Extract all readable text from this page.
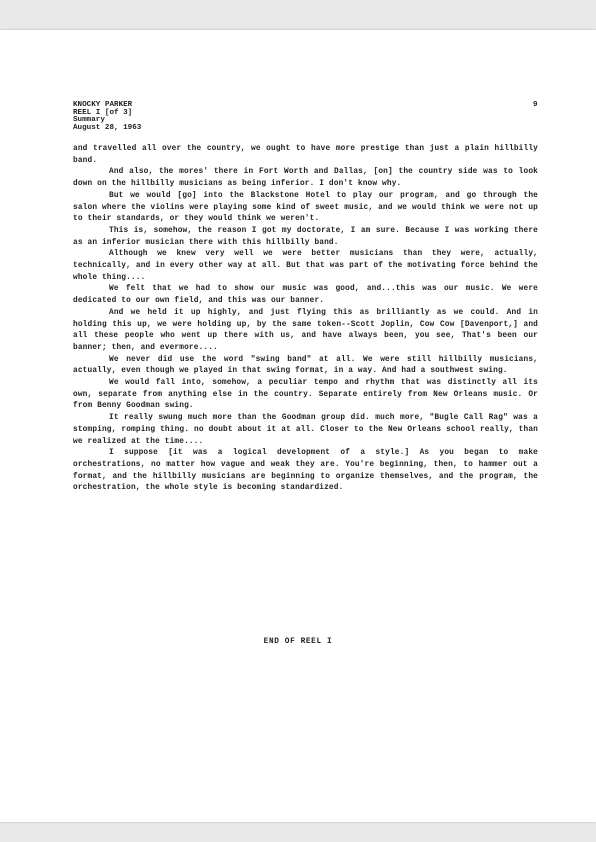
KNOCKY PARKER
REEL I [of 3]
Summary
August 28, 1963
9

and travelled all over the country, we ought to have more prestige than just a plain hillbilly band.

And also, the mores' there in Fort Worth and Dallas, [on] the country side was to look down on the hillbilly musicians as being inferior. I don't know why.

But we would [go] into the Blackstone Hotel to play our program, and go through the salon where the violins were playing some kind of sweet music, and we would think we were not up to their standards, or they would think we weren't.

This is, somehow, the reason I got my doctorate, I am sure. Because I was working there as an inferior musician there with this hillbilly band.

Although we knew very well we were better musicians than they were, actually, technically, and in every other way at all. But that was part of the motivating force behind the whole thing....

We felt that we had to show our music was good, and...this was our music. We were dedicated to our own field, and this was our banner.

And we held it up highly, and just flying this as brilliantly as we could. And in holding this up, we were holding up, by the same token--Scott Joplin, Cow Cow [Davenport,] and all these people who went up there with us, and have always been, you see, That's been our banner; then, and evermore....

We never did use the word "swing band" at all. We were still hillbilly musicians, actually, even though we played in that swing format, in a way. And had a southwest swing.

We would fall into, somehow, a peculiar tempo and rhythm that was distinctly all its own, separate from anything else in the country. Separate entirely from New Orleans music. Or from Benny Goodman swing.

It really swung much more than the Goodman group did. much more, "Bugle Call Rag" was a stomping, romping thing. no doubt about it at all. Closer to the New Orleans school really, than we realized at the time....

I suppose [it was a logical development of a style.] As you began to make orchestrations, no matter how vague and weak they are. You're beginning, then, to hammer out a format, and the hillbilly musicians are beginning to organize themselves, and the program, the orchestration, the whole style is becoming standardized.

END OF REEL I
